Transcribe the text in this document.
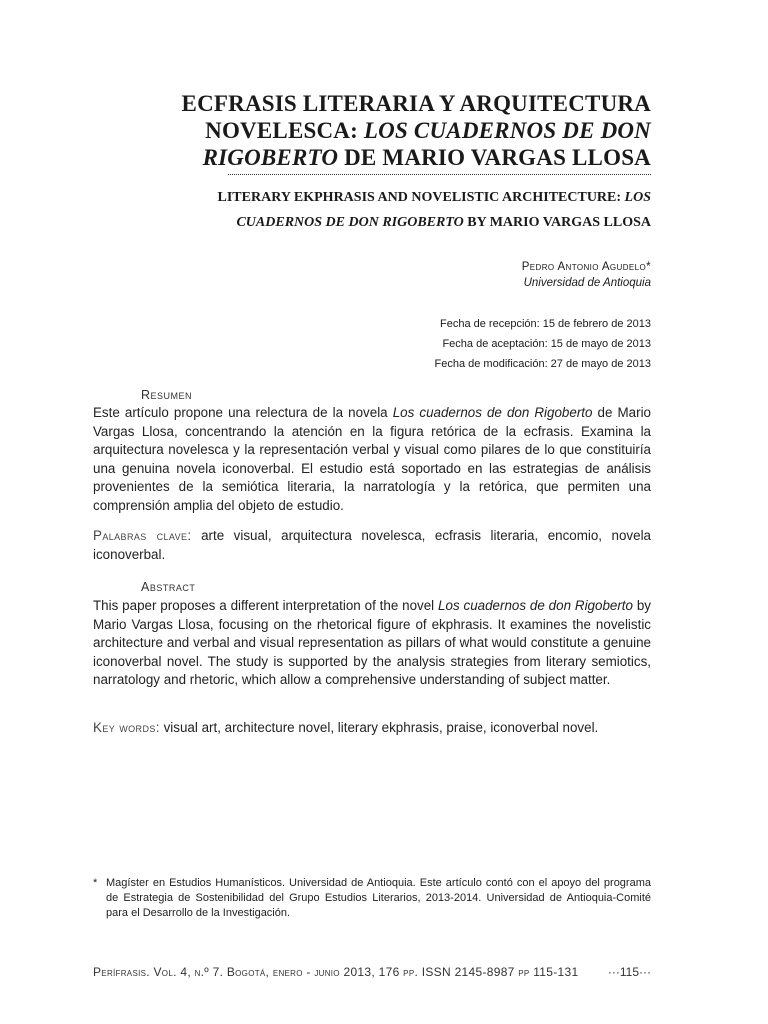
ECFRASIS LITERARIA Y ARQUITECTURA
NOVELESCA: LOS CUADERNOS DE DON
RIGOBERTO DE MARIO VARGAS LLOSA
LITERARY EKPHRASIS AND NOVELISTIC ARCHITECTURE: LOS
CUADERNOS DE DON RIGOBERTO BY MARIO VARGAS LLOSA
Pedro Antonio Agudelo*
Universidad de Antioquia
Fecha de recepción: 15 de febrero de 2013
Fecha de aceptación: 15 de mayo de 2013
Fecha de modificación: 27 de mayo de 2013
Resumen
Este artículo propone una relectura de la novela Los cuadernos de don Rigoberto de Mario Vargas Llosa, concentrando la atención en la figura retórica de la ecfrasis. Examina la arquitectura novelesca y la representación verbal y visual como pilares de lo que constituiría una genuina novela iconoverbal. El estudio está soportado en las estrategias de análisis provenientes de la semiótica literaria, la narratología y la retórica, que permiten una comprensión amplia del objeto de estudio.
Palabras clave: arte visual, arquitectura novelesca, ecfrasis literaria, encomio, novela iconoverbal.
Abstract
This paper proposes a different interpretation of the novel Los cuadernos de don Rigoberto by Mario Vargas Llosa, focusing on the rhetorical figure of ekphrasis. It examines the novelistic architecture and verbal and visual representation as pillars of what would constitute a genuine iconoverbal novel. The study is supported by the analysis strategies from literary semiotics, narratology and rhetoric, which allow a comprehensive understanding of subject matter.
Key words: visual art, architecture novel, literary ekphrasis, praise, iconoverbal novel.
* Magíster en Estudios Humanísticos. Universidad de Antioquia. Este artículo contó con el apoyo del programa de Estrategia de Sostenibilidad del Grupo Estudios Literarios, 2013-2014. Universidad de Antioquia-Comité para el Desarrollo de la Investigación.
Perífrasis. Vol. 4, n.º 7. Bogotá, enero - junio 2013, 176 pp. ISSN 2145-8987 pp 115-131 ···115···
